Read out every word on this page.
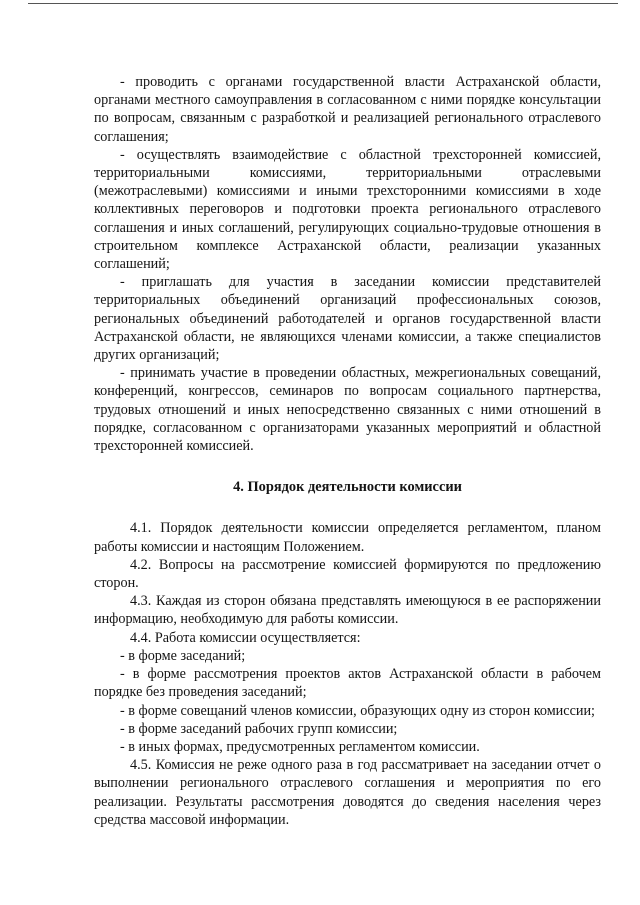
- проводить с органами государственной власти Астраханской области, органами местного самоуправления в согласованном с ними порядке консультации по вопросам, связанным с разработкой и реализацией регионального отраслевого соглашения;

- осуществлять взаимодействие с областной трехсторонней комиссией, территориальными комиссиями, территориальными отраслевыми (межотраслевыми) комиссиями и иными трехсторонними комиссиями в ходе коллективных переговоров и подготовки проекта регионального отраслевого соглашения и иных соглашений, регулирующих социально-трудовые отношения в строительном комплексе Астраханской области, реализации указанных соглашений;

- приглашать для участия в заседании комиссии представителей территориальных объединений организаций профессиональных союзов, региональных объединений работодателей и органов государственной власти Астраханской области, не являющихся членами комиссии, а также специалистов других организаций;

- принимать участие в проведении областных, межрегиональных совещаний, конференций, конгрессов, семинаров по вопросам социального партнерства, трудовых отношений и иных непосредственно связанных с ними отношений в порядке, согласованном с организаторами указанных мероприятий и областной трехсторонней комиссией.

4. Порядок деятельности комиссии

4.1. Порядок деятельности комиссии определяется регламентом, планом работы комиссии и настоящим Положением.

4.2. Вопросы на рассмотрение комиссией формируются по предложению сторон.

4.3. Каждая из сторон обязана представлять имеющуюся в ее распоряжении информацию, необходимую для работы комиссии.

4.4. Работа комиссии осуществляется:

- в форме заседаний;

- в форме рассмотрения проектов актов Астраханской области в рабочем порядке без проведения заседаний;

- в форме совещаний членов комиссии, образующих одну из сторон комиссии;

- в форме заседаний рабочих групп комиссии;

- в иных формах, предусмотренных регламентом комиссии.

4.5. Комиссия не реже одного раза в год рассматривает на заседании отчет о выполнении регионального отраслевого соглашения и мероприятия по его реализации. Результаты рассмотрения доводятся до сведения населения через средства массовой информации.
